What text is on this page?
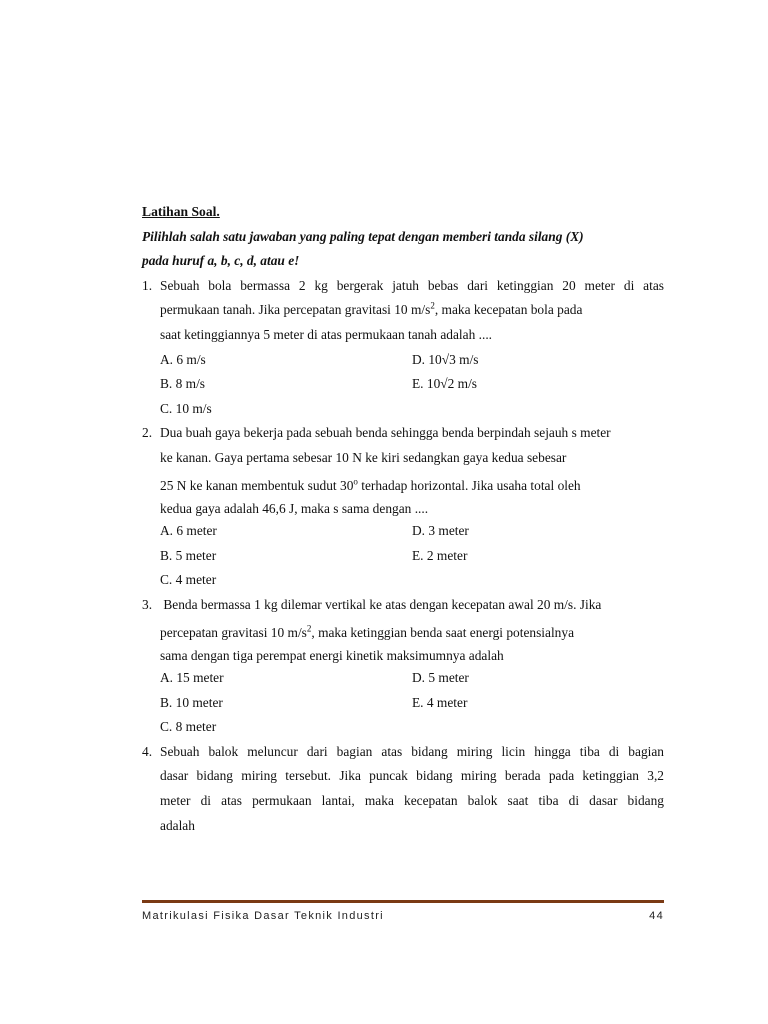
Latihan Soal.

Pilihlah salah satu jawaban yang paling tepat dengan memberi tanda silang (X)

pada huruf a, b, c, d, atau e!

1. Sebuah bola bermassa 2 kg bergerak jatuh bebas dari ketinggian 20 meter di atas

permukaan tanah. Jika percepatan gravitasi 10 $m/s^2$, maka kecepatan bola pada

saat ketinggiannya 5 meter di atas permukaan tanah adalah ....

A. 6 m/s	D. 10√3 m/s
B. 8 m/s	E. 10√2 m/s
C. 10 m/s
2. Dua buah gaya bekerja pada sebuah benda sehingga benda berpindah sejauh s meter

ke kanan. Gaya pertama sebesar 10 N ke kiri sedangkan gaya kedua sebesar

25 N ke kanan membentuk sudut 30$^o$ terhadap horizontal. Jika usaha total oleh

kedua gaya adalah 46,6 J, maka s sama dengan ....

A. 6 meter	D. 3 meter
B. 5 meter	E. 2 meter
C. 4 meter
3. Benda bermassa 1 kg dilemar vertikal ke atas dengan kecepatan awal 20 m/s. Jika

percepatan gravitasi 10 $m/s^2$, maka ketinggian benda saat energi potensialnya

sama dengan tiga perempat energi kinetik maksimumnya adalah

A. 15 meter	D. 5 meter
B. 10 meter	E. 4 meter
C. 8 meter
4. Sebuah balok meluncur dari bagian atas bidang miring licin hingga tiba di bagian

dasar bidang miring tersebut. Jika puncak bidang miring berada pada ketinggian 3,2

meter di atas permukaan lantai, maka kecepatan balok saat tiba di dasar bidang

adalah

Matrikulasi Fisika Dasar Teknik Industri	44
